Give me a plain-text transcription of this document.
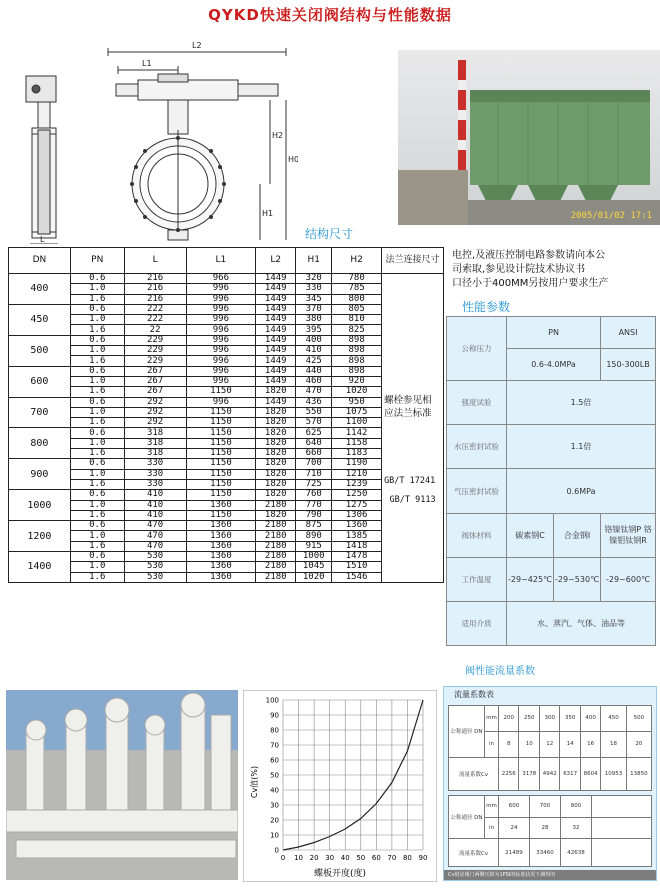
QYKD快速关闭阀结构与性能数据
L2
L1
H2
H0
H1
L
2005/01/02 17:1
结构尺寸
DN	PN	L	L1	L2	H1	H2	法兰连接尺寸
400	0.6	216	966	1449	320	780	螺栓参见相应法兰标准
GB/T 17241
GB/T 9113

	1.0	216	996	1449	330	785	
	1.6	216	996	1449	345	800	
450	0.6	222	996	1449	370	805	
	1.0	222	996	1449	380	810	
	1.6	22	996	1449	395	825	
500	0.6	229	996	1449	400	898	
	1.0	229	996	1449	410	898	
	1.6	229	996	1449	425	898	
600	0.6	267	996	1449	440	898	
	1.0	267	996	1449	460	920	
	1.6	267	1150	1820	470	1020	
700	0.6	292	996	1449	436	950	
	1.0	292	1150	1820	550	1075	
	1.6	292	1150	1820	570	1100	
800	0.6	318	1150	1820	625	1142	
	1.0	318	1150	1820	640	1158	
	1.6	318	1150	1820	660	1183	
900	0.6	330	1150	1820	700	1190	
	1.0	330	1150	1820	710	1210	
	1.6	330	1150	1820	725	1239	
1000	0.6	410	1150	1820	760	1250	
	1.0	410	1360	2180	770	1275	
	1.6	410	1150	1820	790	1306	
1200	0.6	470	1360	2180	875	1360	
	1.0	470	1360	2180	890	1385	
	1.6	470	1360	2180	915	1418	
1400	0.6	530	1360	2180	1000	1478	
	1.0	530	1360	2180	1045	1510	
	1.6	530	1360	2180	1020	1546	
电控,及液压控制电路参数请向本公
司索取,参见设计院技术协议书
口径小于400MM另按用户要求生产
性能参数
公称压力	PN		ANSI
	0.6-4.0MPa		150-300LB
强度试验	1.5倍		
水压密封试验	1.1倍		
气压密封试验	0.6MPa		
阀体材料	碳素钢C	合金钢I	铬镍钛钢P 铬镍钼钛钢R
工作温度	-29~425℃	-29~530℃	-29~600℃
适用介质	水、蒸汽、气体、油品等		
阀性能流量系数
0 10 20 30 40 50 60 70 80 90
0
10
20
30
40
50
60
70
80
90
100
蝶板开度(度)
Cv值(%)
流量系数表
公称通径 DN	mm	200	250	300	350	400	450	500
	in	8	10	12	14	16	18	20
流量系数Cv		2256	3178	4942	6317	8604	10953	13850
公称通径 DN	mm	600	700	800	
	in	24	28	32	
流量系数Cv		21489	33460	42638	
Cv值是阀门两侧压降为1PSI的标准状况下测得的
